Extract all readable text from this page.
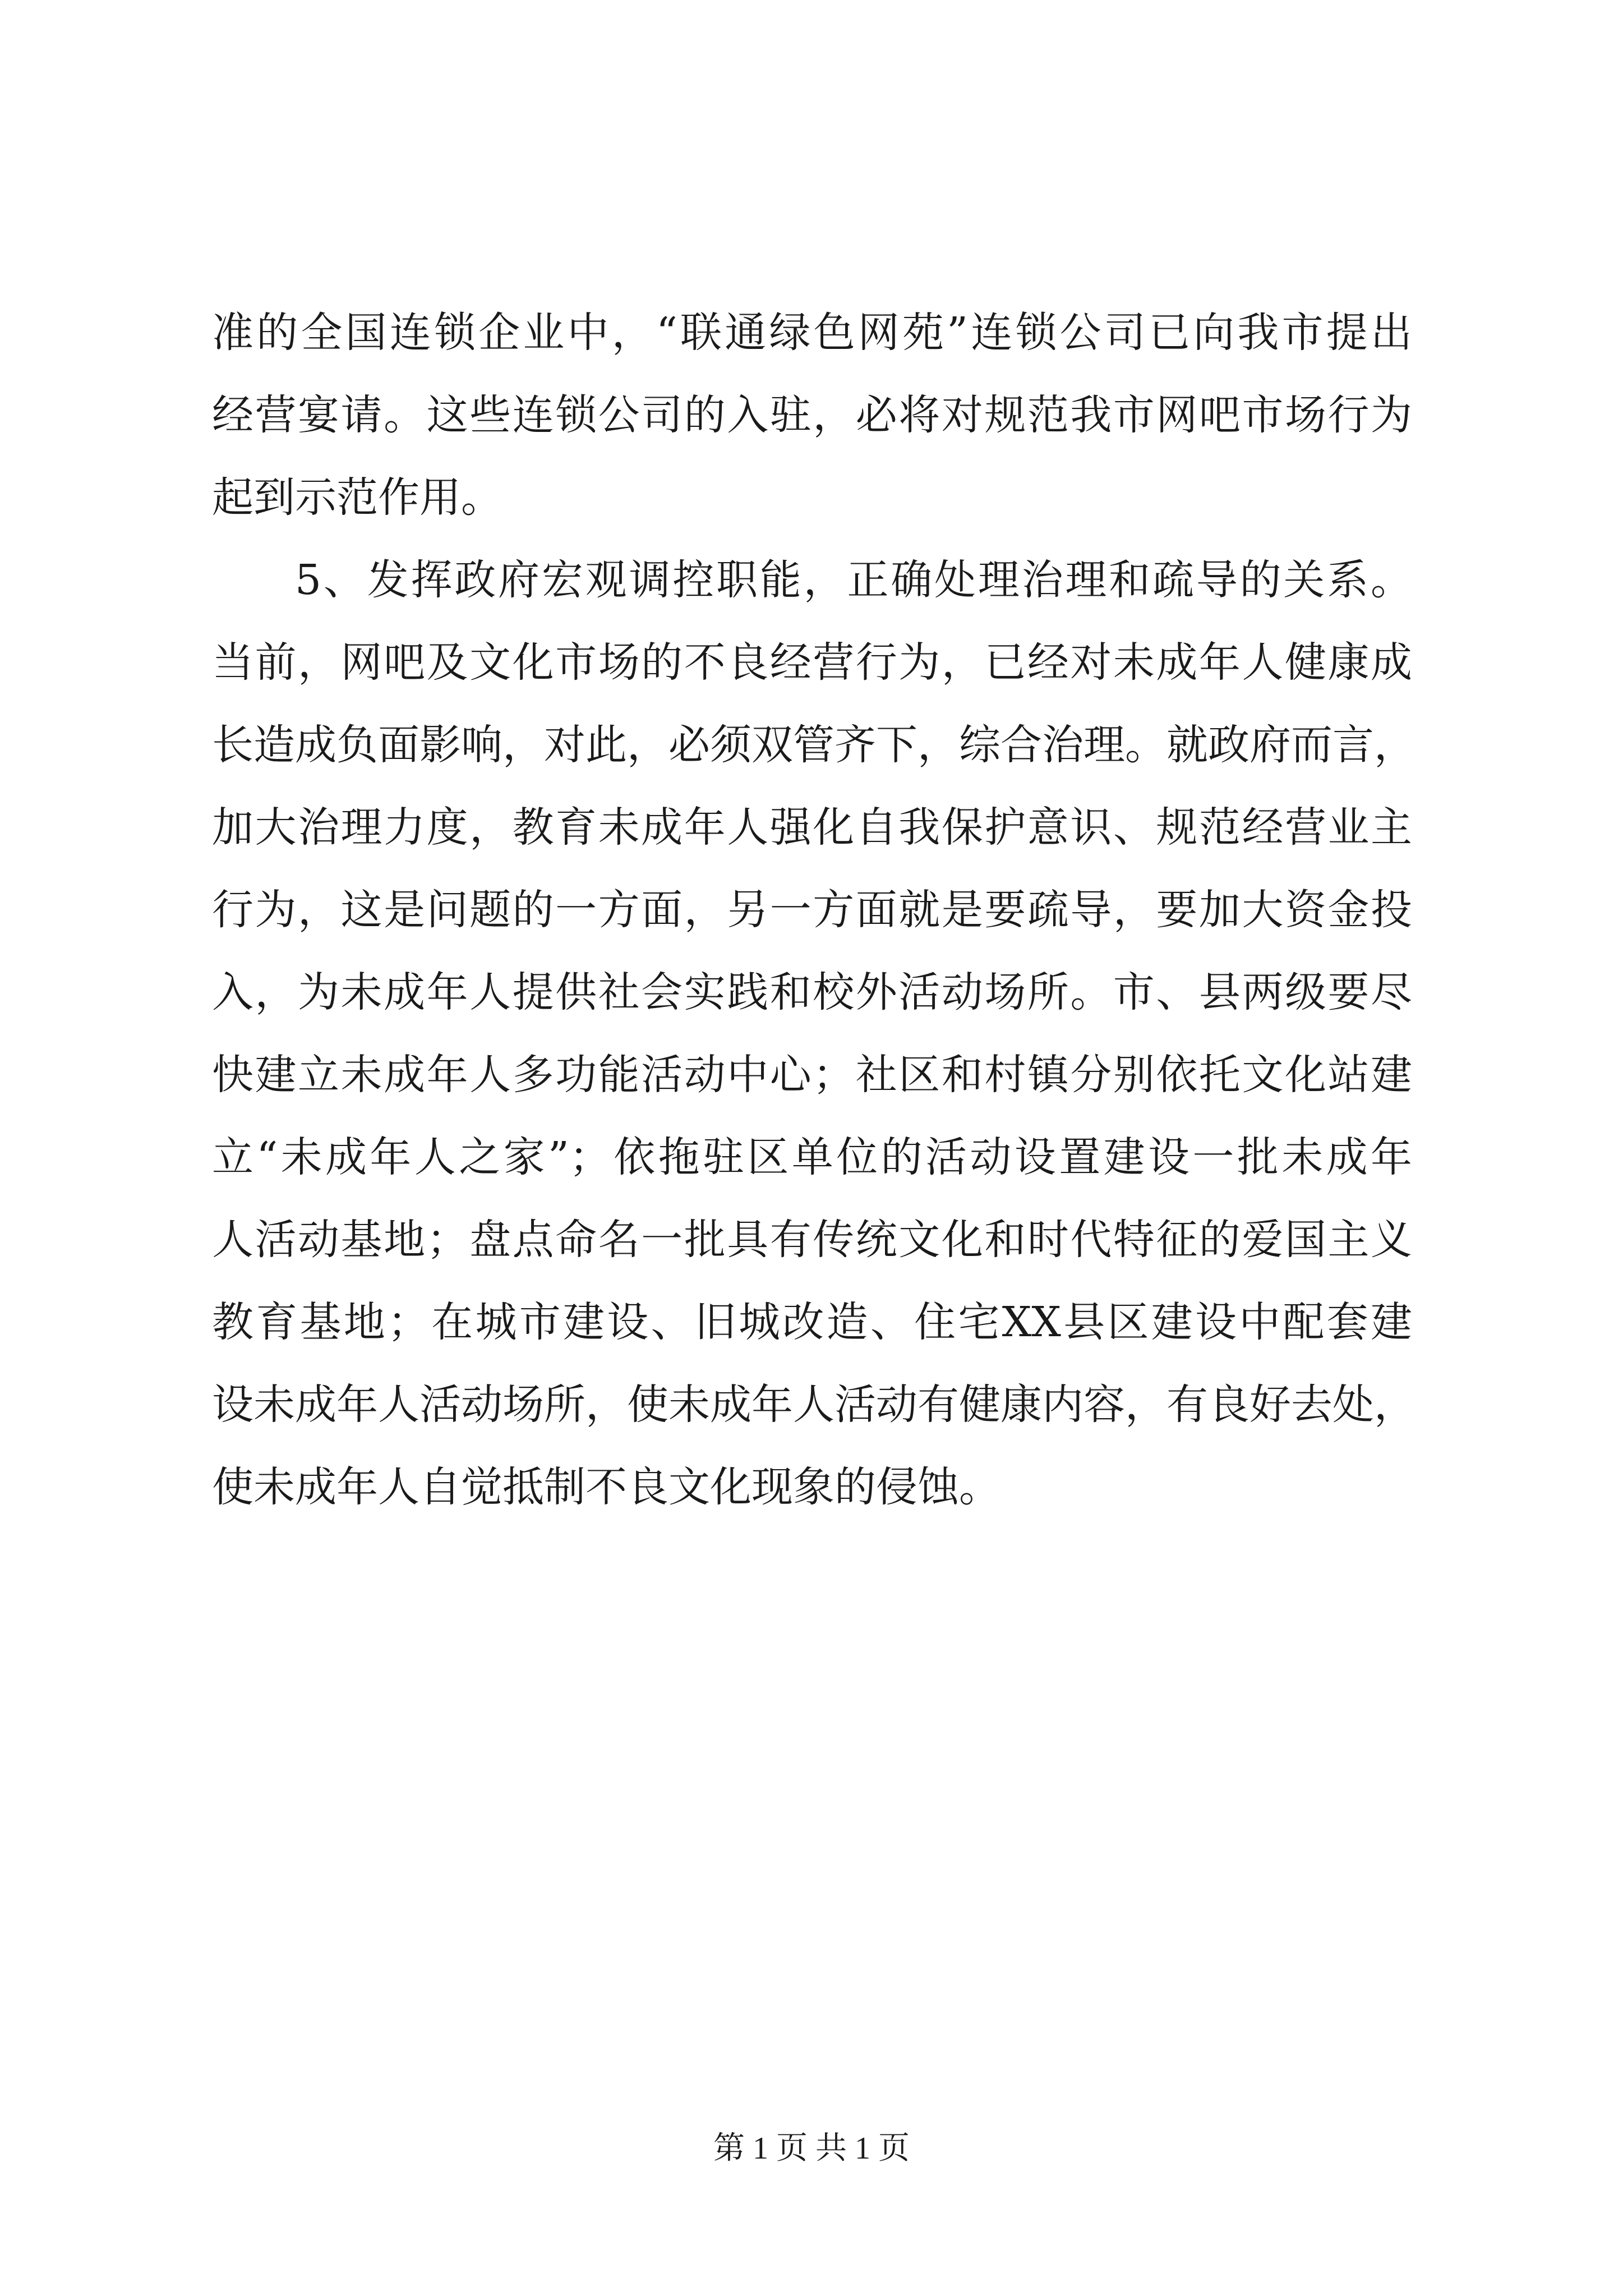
准的全国连锁企业中，“联通绿色网苑”连锁公司已向我市提出
经营宴请。这些连锁公司的入驻，必将对规范我市网吧市场行为
起到示范作用。
5、发挥政府宏观调控职能，正确处理治理和疏导的关系。
当前，网吧及文化市场的不良经营行为，已经对未成年人健康成
长造成负面影响，对此，必须双管齐下，综合治理。就政府而言，
加大治理力度，教育未成年人强化自我保护意识、规范经营业主
行为，这是问题的一方面，另一方面就是要疏导，要加大资金投
入，为未成年人提供社会实践和校外活动场所。市、县两级要尽
快建立未成年人多功能活动中心；社区和村镇分别依托文化站建
立“未成年人之家”；依拖驻区单位的活动设置建设一批未成年
人活动基地；盘点命名一批具有传统文化和时代特征的爱国主义
教育基地；在城市建设、旧城改造、住宅XX县区建设中配套建
设未成年人活动场所，使未成年人活动有健康内容，有良好去处，
使未成年人自觉抵制不良文化现象的侵蚀。
第 1 页 共 1 页
